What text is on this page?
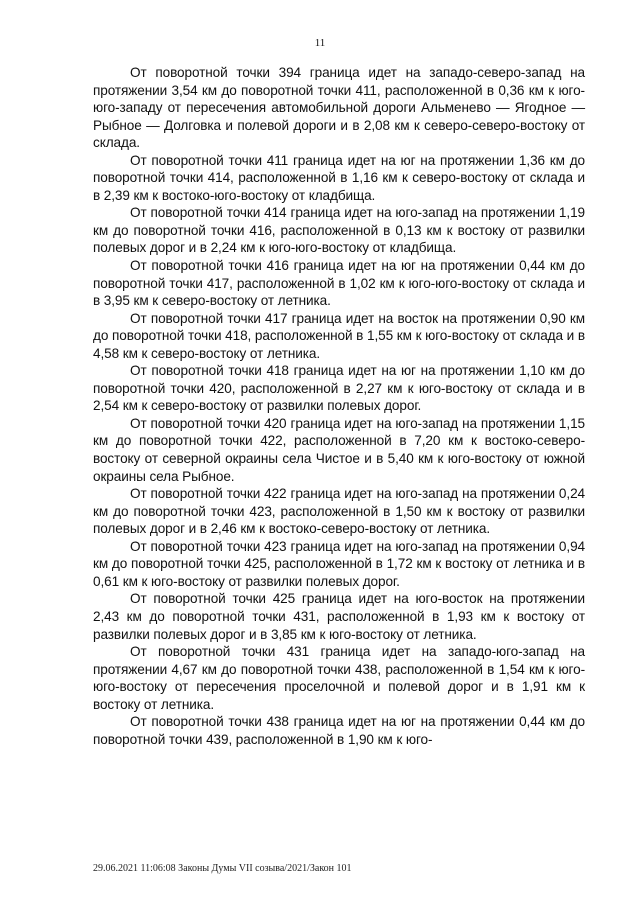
11

От поворотной точки 394 граница идет на западо-северо-запад на протяжении 3,54 км до поворотной точки 411, расположенной в 0,36 км к юго-юго-западу от пересечения автомобильной дороги Альменево — Ягодное — Рыбное — Долговка и полевой дороги и в 2,08 км к северо-северо-востоку от склада.

От поворотной точки 411 граница идет на юг на протяжении 1,36 км до поворотной точки 414, расположенной в 1,16 км к северо-востоку от склада и в 2,39 км к востоко-юго-востоку от кладбища.

От поворотной точки 414 граница идет на юго-запад на протяжении 1,19 км до поворотной точки 416, расположенной в 0,13 км к востоку от развилки полевых дорог и в 2,24 км к юго-юго-востоку от кладбища.

От поворотной точки 416 граница идет на юг на протяжении 0,44 км до поворотной точки 417, расположенной в 1,02 км к юго-юго-востоку от склада и в 3,95 км к северо-востоку от летника.

От поворотной точки 417 граница идет на восток на протяжении 0,90 км до поворотной точки 418, расположенной в 1,55 км к юго-востоку от склада и в 4,58 км к северо-востоку от летника.

От поворотной точки 418 граница идет на юг на протяжении 1,10 км до поворотной точки 420, расположенной в 2,27 км к юго-востоку от склада и в 2,54 км к северо-востоку от развилки полевых дорог.

От поворотной точки 420 граница идет на юго-запад на протяжении 1,15 км до поворотной точки 422, расположенной в 7,20 км к востоко-северо-востоку от северной окраины села Чистое и в 5,40 км к юго-востоку от южной окраины села Рыбное.

От поворотной точки 422 граница идет на юго-запад на протяжении 0,24 км до поворотной точки 423, расположенной в 1,50 км к востоку от развилки полевых дорог и в 2,46 км к востоко-северо-востоку от летника.

От поворотной точки 423 граница идет на юго-запад на протяжении 0,94 км до поворотной точки 425, расположенной в 1,72 км к востоку от летника и в 0,61 км к юго-востоку от развилки полевых дорог.

От поворотной точки 425 граница идет на юго-восток на протяжении 2,43 км до поворотной точки 431, расположенной в 1,93 км к востоку от развилки полевых дорог и в 3,85 км к юго-востоку от летника.

От поворотной точки 431 граница идет на западо-юго-запад на протяжении 4,67 км до поворотной точки 438, расположенной в 1,54 км к юго-юго-востоку от пересечения проселочной и полевой дорог и в 1,91 км к востоку от летника.

От поворотной точки 438 граница идет на юг на протяжении 0,44 км до поворотной точки 439, расположенной в 1,90 км к юго-

29.06.2021 11:06:08 Законы Думы VII созыва/2021/Закон 101
